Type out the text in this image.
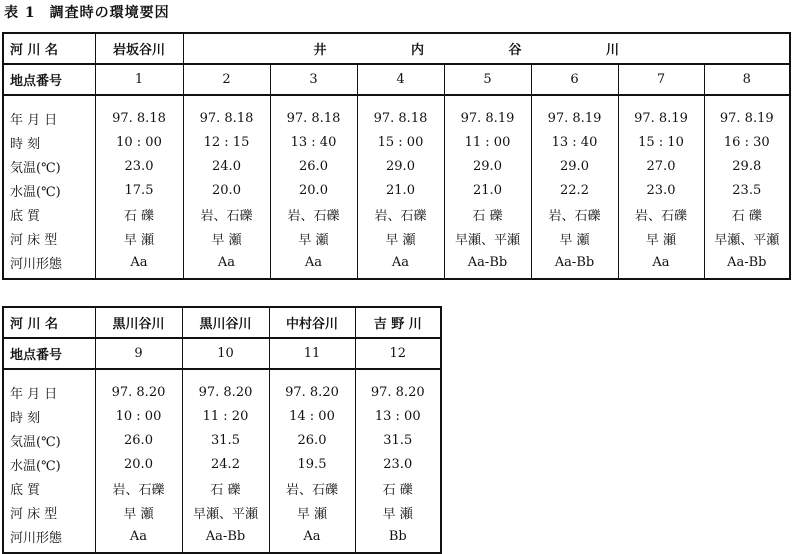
表 1 調査時の環境要因
河 川 名	岩坂谷川	井 内 谷 川						
地点番号	1	2	3	4	5	6	7	8
年 月 日	97. 8.18	97. 8.18	97. 8.18	97. 8.18	97. 8.19	97. 8.19	97. 8.19	97. 8.19
時 刻	10 : 00	12 : 15	13 : 40	15 : 00	11 : 00	13 : 40	15 : 10	16 : 30
気温(℃)	23.0	24.0	26.0	29.0	29.0	29.0	27.0	29.8
水温(℃)	17.5	20.0	20.0	21.0	21.0	22.2	23.0	23.5
底 質	石 礫	岩、石礫	岩、石礫	岩、石礫	石 礫	岩、石礫	岩、石礫	石 礫
河 床 型	早 瀬	早 瀬	早 瀬	早 瀬	早瀬、平瀬	早 瀬	早 瀬	早瀬、平瀬
河川形態	Aa	Aa	Aa	Aa	Aa-Bb	Aa-Bb	Aa	Aa-Bb
河 川 名	黒川谷川	黒川谷川	中村谷川	吉 野 川
地点番号	9	10	11	12
年 月 日	97. 8.20	97. 8.20	97. 8.20	97. 8.20
時 刻	10 : 00	11 : 20	14 : 00	13 : 00
気温(℃)	26.0	31.5	26.0	31.5
水温(℃)	20.0	24.2	19.5	23.0
底 質	岩、石礫	石 礫	岩、石礫	石 礫
河 床 型	早 瀬	早瀬、平瀬	早 瀬	早 瀬
河川形態	Aa	Aa-Bb	Aa	Bb
